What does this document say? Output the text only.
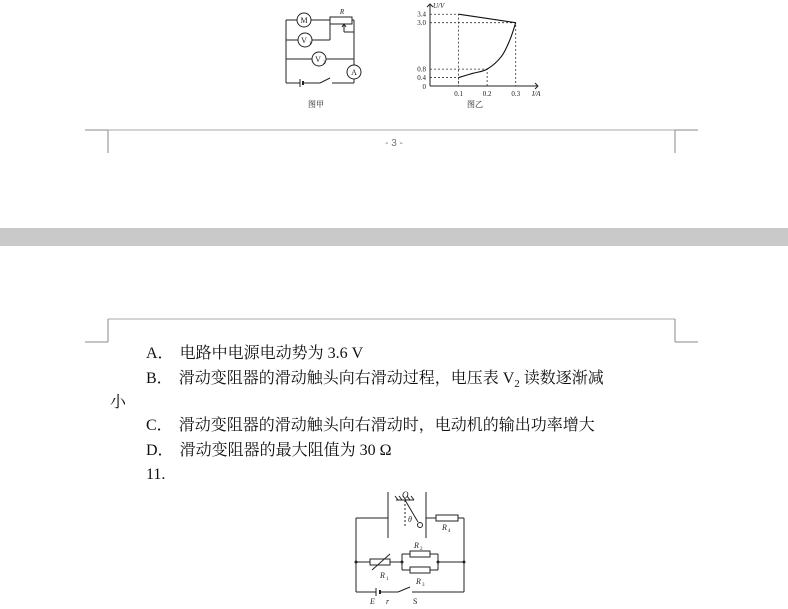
M
R
V 1
V 2
A
图甲
U/V
I/A
0
0.1	0.2	0.3
3.4
3.0
0.8
0.4
图乙
- 3 -
A． 电路中电源电动势为 3.6 V
B． 滑动变阻器的滑动触头向右滑动过程，电压表 $V_2$ 读数逐渐减
小
C． 滑动变阻器的滑动触头向右滑动时，电动机的输出功率增大
D． 滑动变阻器的最大阻值为 30 Ω
11.
O
θ
R 4
R 2
R 3
R 1
E r	S
